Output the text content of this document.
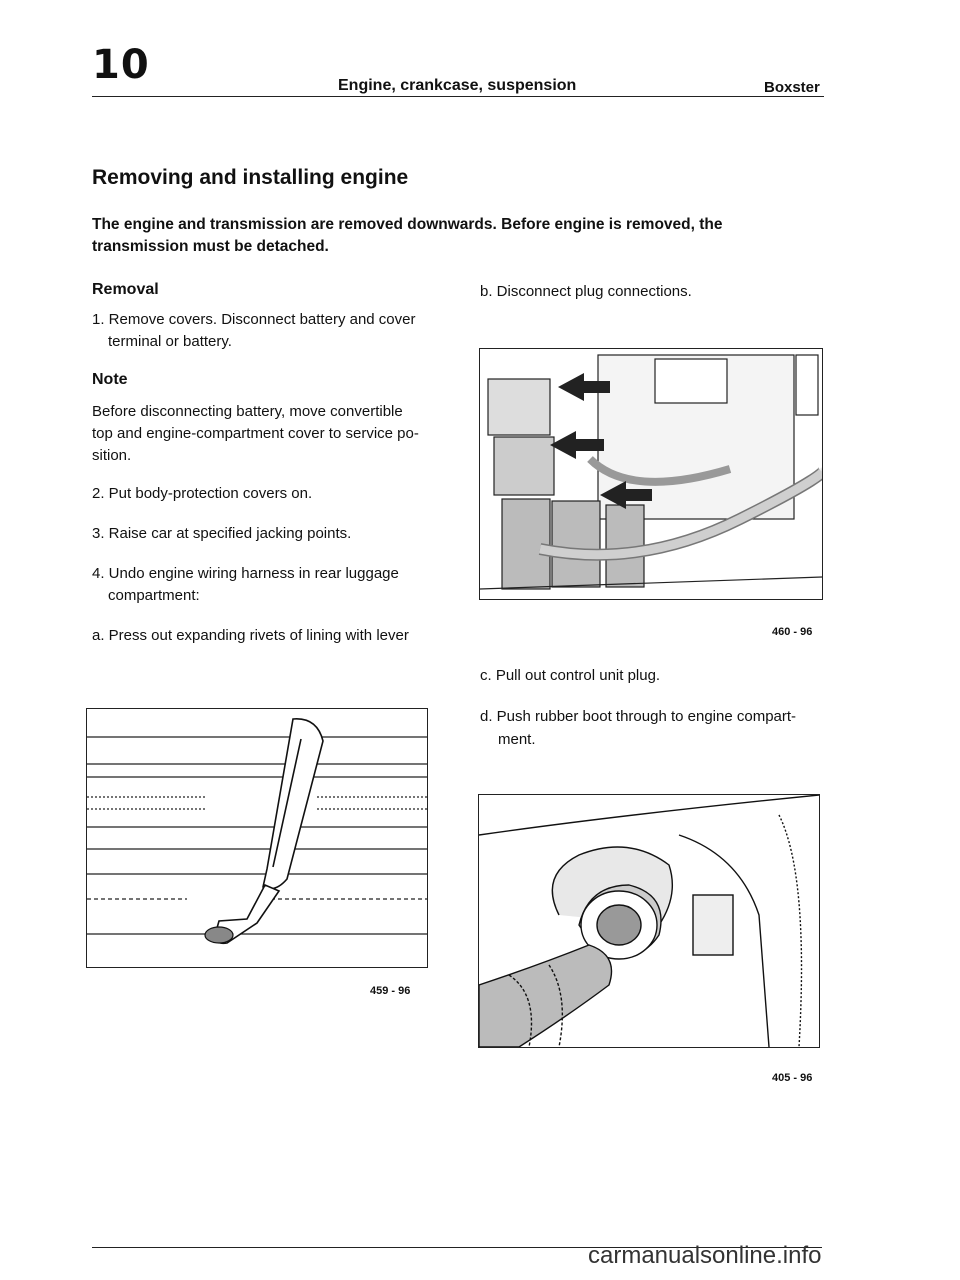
10	Engine, crankcase, suspension	Boxster
Removing and installing engine
The engine and transmission are removed downwards. Before engine is removed, the transmission must be detached.
Removal
1. Remove covers. Disconnect battery and cover
terminal or battery.
Note
Before disconnecting battery, move convertible
top and engine-compartment cover to service po-
sition.
2. Put body-protection covers on.
3. Raise car at specified jacking points.
4. Undo engine wiring harness in rear luggage
compartment:
a. Press out expanding rivets of lining with lever
459 - 96
b. Disconnect plug connections.
460 - 96
c. Pull out control unit plug.
d. Push rubber boot through to engine compart-
ment.
405 - 96
carmanualsonline.info
